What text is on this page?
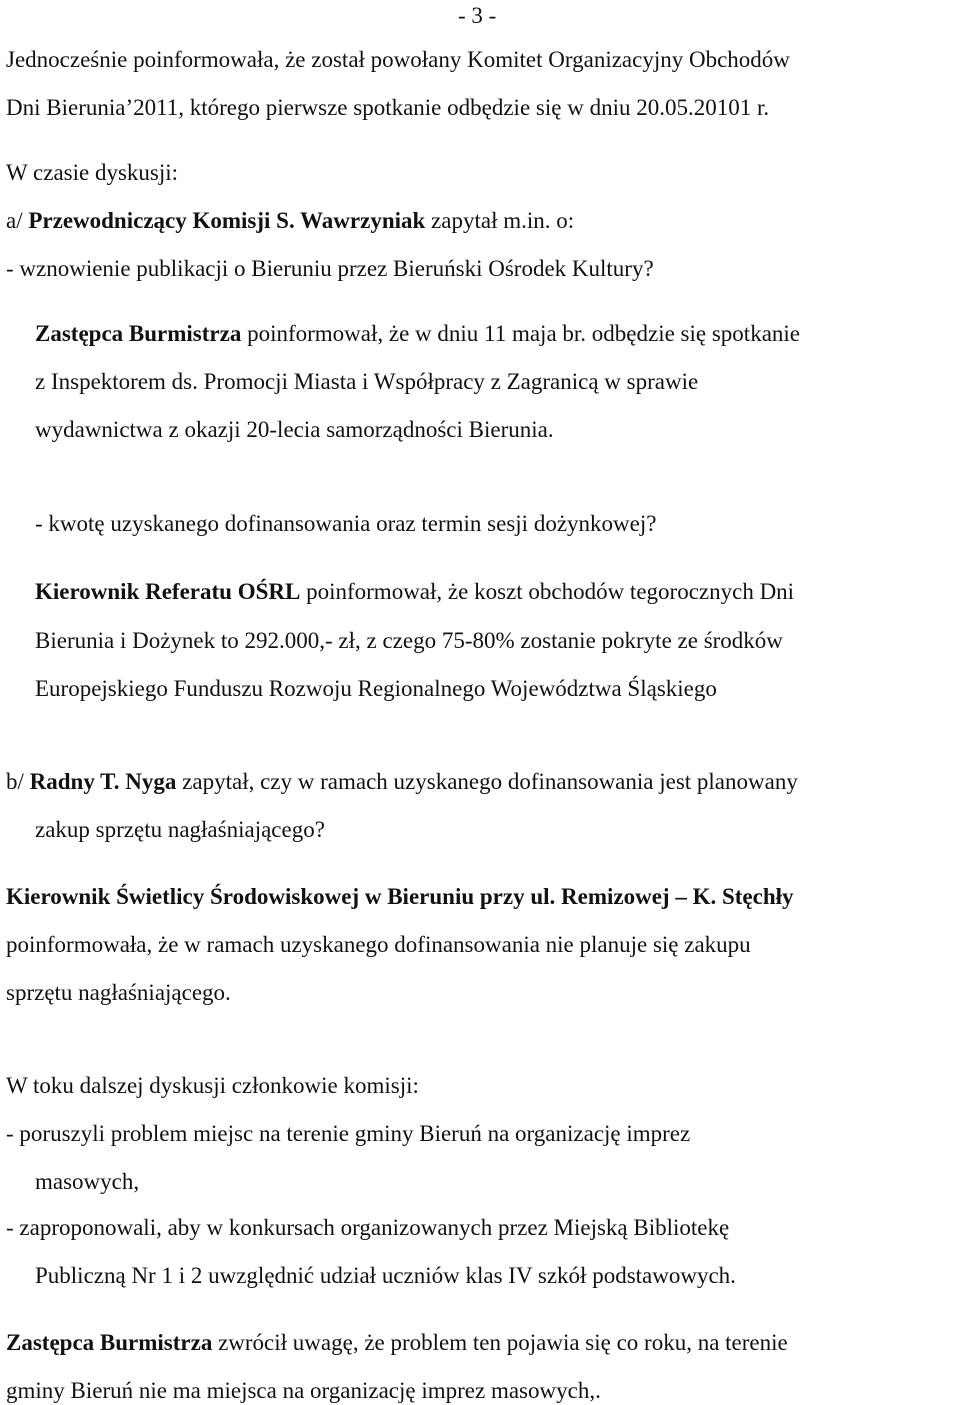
- 3 -
Jednocześnie poinformowała, że został powołany Komitet Organizacyjny Obchodów
Dni Bierunia’2011, którego pierwsze spotkanie odbędzie się w dniu 20.05.20101 r.
W czasie dyskusji:
a/ Przewodniczący Komisji S. Wawrzyniak zapytał m.in. o:
- wznowienie publikacji o Bieruniu przez Bieruński Ośrodek Kultury?
Zastępca Burmistrza poinformował, że w dniu 11 maja br. odbędzie się spotkanie
z Inspektorem ds. Promocji Miasta i Współpracy z Zagranicą w sprawie
wydawnictwa z okazji 20-lecia samorządności Bierunia.
- kwotę uzyskanego dofinansowania oraz termin sesji dożynkowej?
Kierownik Referatu OŚRL poinformował, że koszt obchodów tegorocznych Dni
Bierunia i Dożynek to 292.000,- zł, z czego 75-80% zostanie pokryte ze środków
Europejskiego Funduszu Rozwoju Regionalnego Województwa Śląskiego
b/ Radny T. Nyga zapytał, czy w ramach uzyskanego dofinansowania jest planowany
zakup sprzętu nagłaśniającego?
Kierownik Świetlicy Środowiskowej w Bieruniu przy ul. Remizowej – K. Stęchły
poinformowała, że w ramach uzyskanego dofinansowania nie planuje się zakupu
sprzętu nagłaśniającego.
W toku dalszej dyskusji członkowie komisji:
- poruszyli problem miejsc na terenie gminy Bieruń na organizację imprez
masowych,
- zaproponowali, aby w konkursach organizowanych przez Miejską Bibliotekę
Publiczną Nr 1 i 2 uwzględnić udział uczniów klas IV szkół podstawowych.
Zastępca Burmistrza zwrócił uwagę, że problem ten pojawia się co roku, na terenie
gminy Bieruń nie ma miejsca na organizację imprez masowych,.
